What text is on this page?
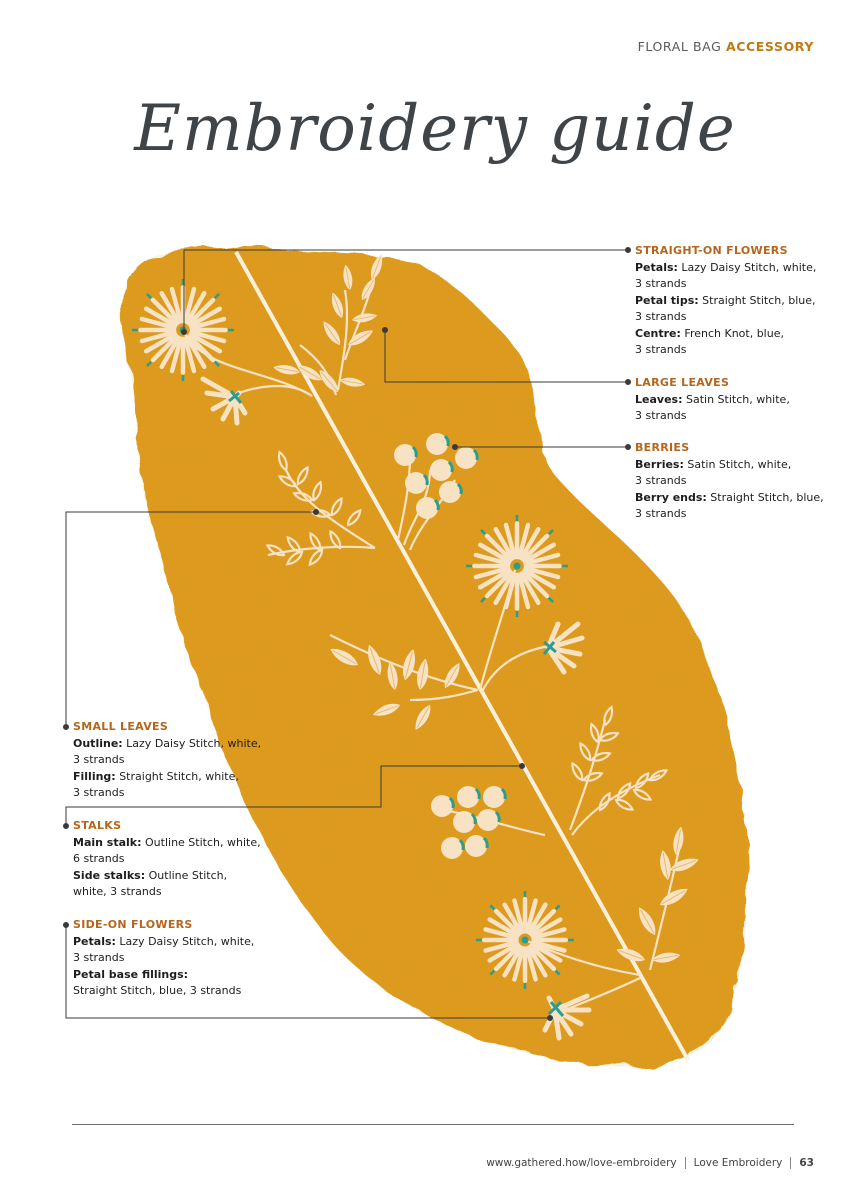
FLORAL BAG ACCESSORY
Embroidery guide
STRAIGHT-ON FLOWERS
Petals: Lazy Daisy Stitch, white,
3 strands
Petal tips: Straight Stitch, blue,
3 strands
Centre: French Knot, blue,
3 strands
LARGE LEAVES
Leaves: Satin Stitch, white,
3 strands
BERRIES
Berries: Satin Stitch, white,
3 strands
Berry ends: Straight Stitch, blue,
3 strands
SMALL LEAVES
Outline: Lazy Daisy Stitch, white,
3 strands
Filling: Straight Stitch, white,
3 strands
STALKS
Main stalk: Outline Stitch, white,
6 strands
Side stalks: Outline Stitch,
white, 3 strands
SIDE-ON FLOWERS
Petals: Lazy Daisy Stitch, white,
3 strands
Petal base fillings:
Straight Stitch, blue, 3 strands
www.gathered.how/love-embroidery Love Embroidery 63
